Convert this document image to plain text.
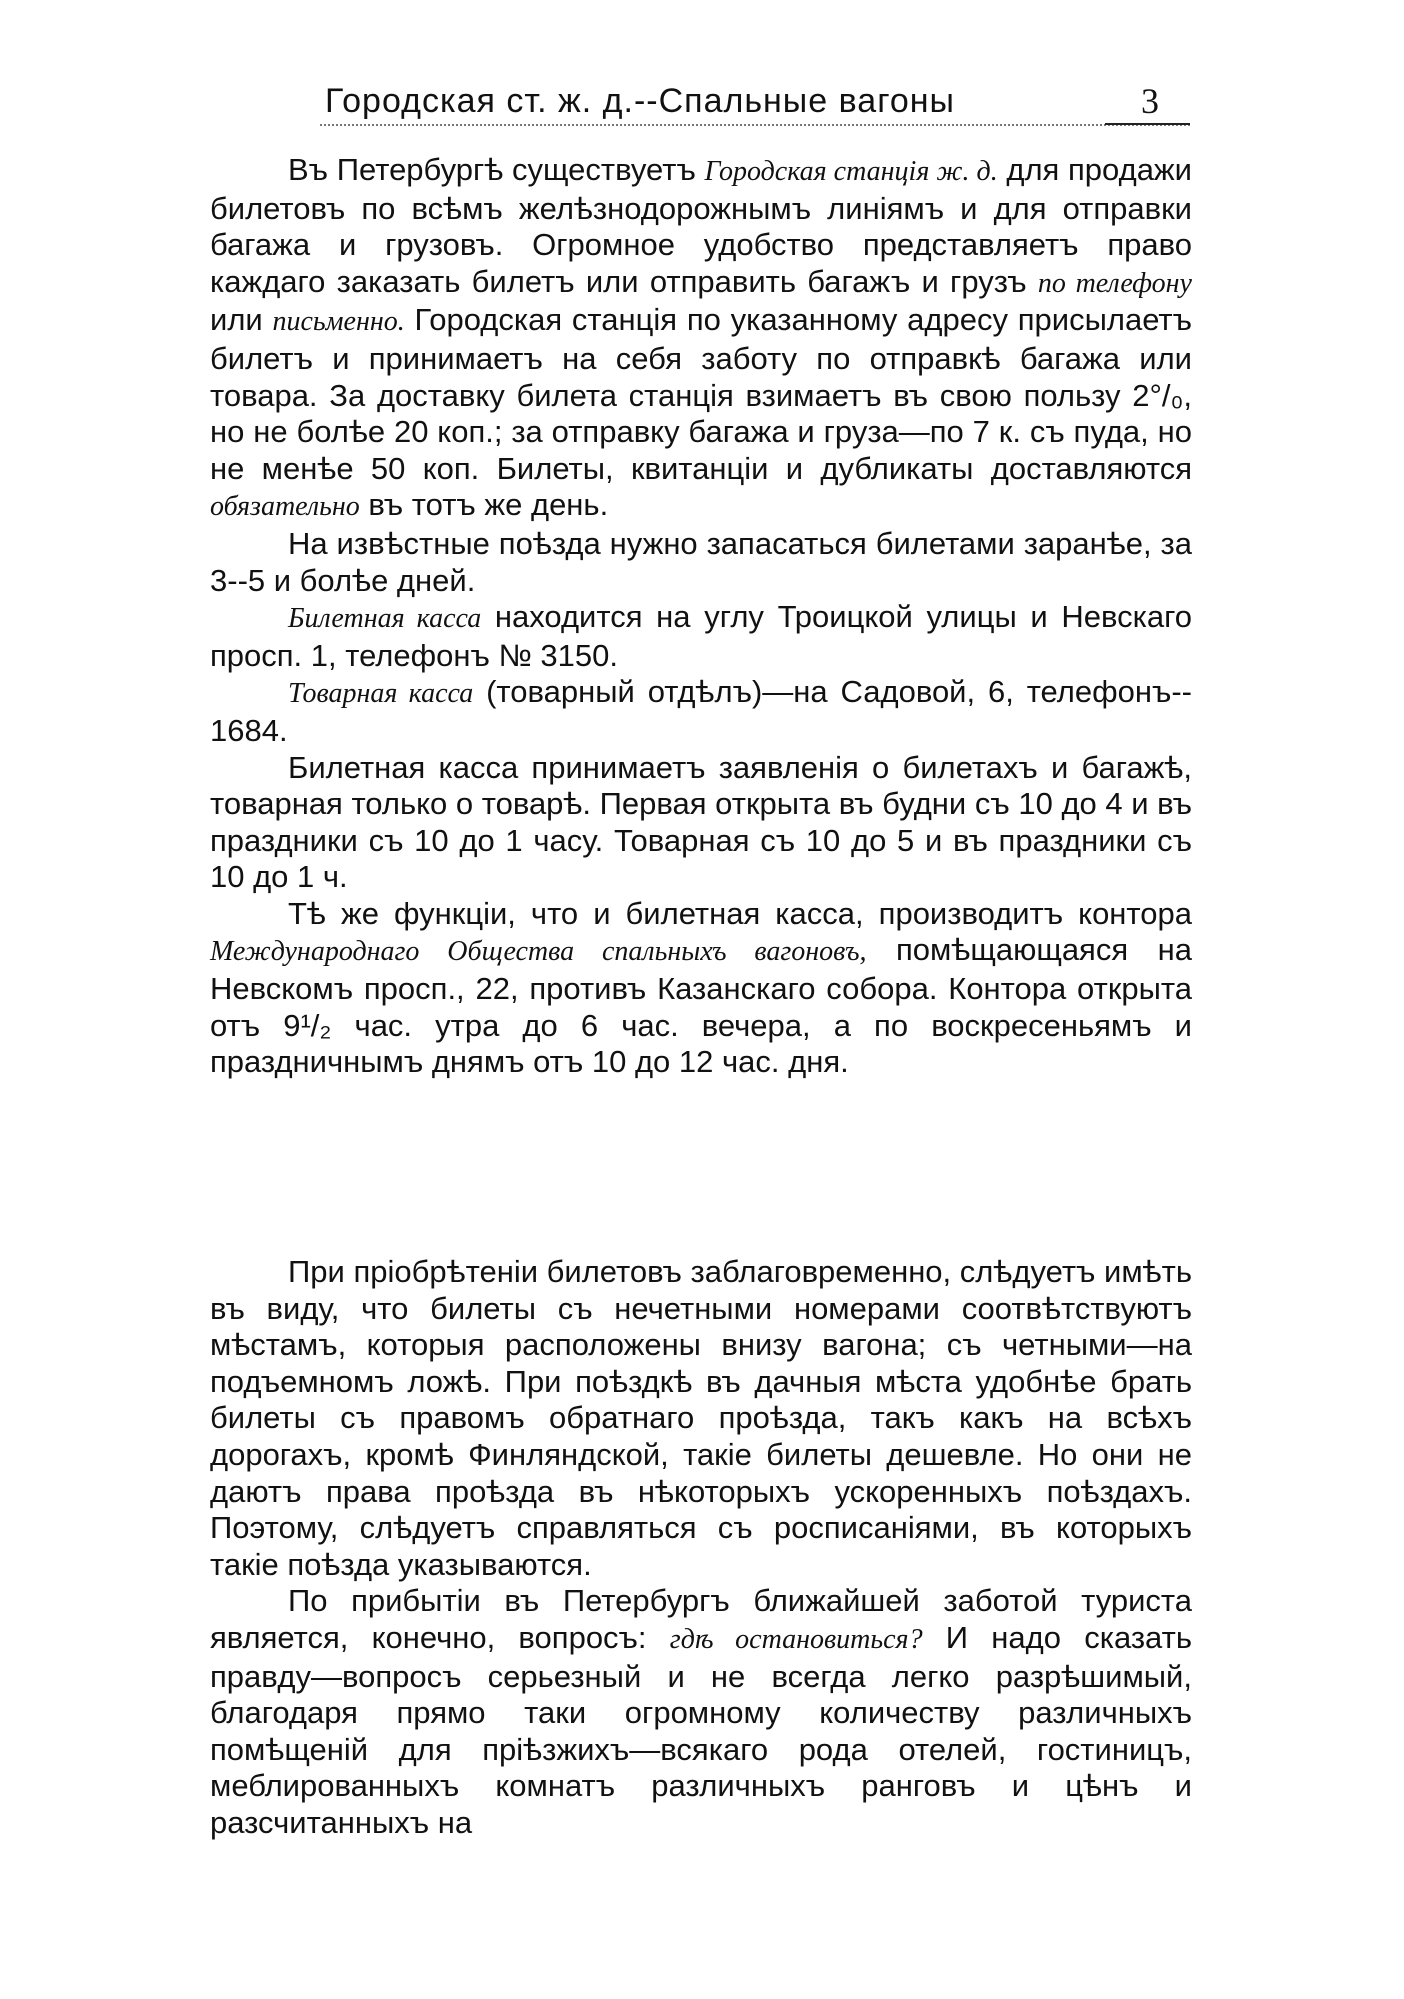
Городская ст. ж. д.--Спальные вагоны	3

Въ Петербургѣ существуетъ Городская станція ж. д. для продажи билетовъ по всѣмъ желѣзнодорожнымъ линіямъ и для отправки багажа и грузовъ. Огромное удобство представляетъ право каждаго заказать билетъ или отправить багажъ и грузъ по телефону или письменно. Городская станція по указанному адресу присылаетъ билетъ и принимаетъ на себя заботу по отправкѣ багажа или товара. За доставку билета станція взимаетъ въ свою пользу 2°/₀, но не болѣе 20 коп.; за отправку багажа и груза—по 7 к. съ пуда, но не менѣе 50 коп. Билеты, квитанціи и дубликаты доставляются обязательно въ тотъ же день.

На извѣстные поѣзда нужно запасаться билетами заранѣе, за 3--5 и болѣе дней.

Билетная касса находится на углу Троицкой улицы и Невскаго просп. 1, телефонъ № 3150.

Товарная касса (товарный отдѣлъ)—на Садовой, 6, телефонъ-- 1684.

Билетная касса принимаетъ заявленія о билетахъ и багажѣ, товарная только о товарѣ. Первая открыта въ будни съ 10 до 4 и въ праздники съ 10 до 1 часу. Товарная съ 10 до 5 и въ праздники съ 10 до 1 ч.

Тѣ же функціи, что и билетная касса, производитъ контора Международнаго Общества спальныхъ вагоновъ, помѣщающаяся на Невскомъ просп., 22, противъ Казанскаго собора. Контора открыта отъ 9¹/₂ час. утра до 6 час. вечера, а по воскресеньямъ и праздничнымъ днямъ отъ 10 до 12 час. дня.

При пріобрѣтеніи билетовъ заблаговременно, слѣдуетъ имѣть въ виду, что билеты съ нечетными номерами соотвѣтствуютъ мѣстамъ, которыя расположены внизу вагона; съ четными—на подъемномъ ложѣ. При поѣздкѣ въ дачныя мѣста удобнѣе брать билеты съ правомъ обратнаго проѣзда, такъ какъ на всѣхъ дорогахъ, кромѣ Финляндской, такіе билеты дешевле. Но они не даютъ права проѣзда въ нѣкоторыхъ ускоренныхъ поѣздахъ. Поэтому, слѣдуетъ справляться съ росписаніями, въ которыхъ такіе поѣзда указываются.

По прибытіи въ Петербургъ ближайшей заботой туриста является, конечно, вопросъ: гдѣ остановиться? И надо сказать правду—вопросъ серьезный и не всегда легко разрѣшимый, благодаря прямо таки огромному количеству различныхъ помѣщеній для пріѣзжихъ—всякаго рода отелей, гостиницъ, меблированныхъ комнатъ различныхъ ранговъ и цѣнъ и разсчитанныхъ на
